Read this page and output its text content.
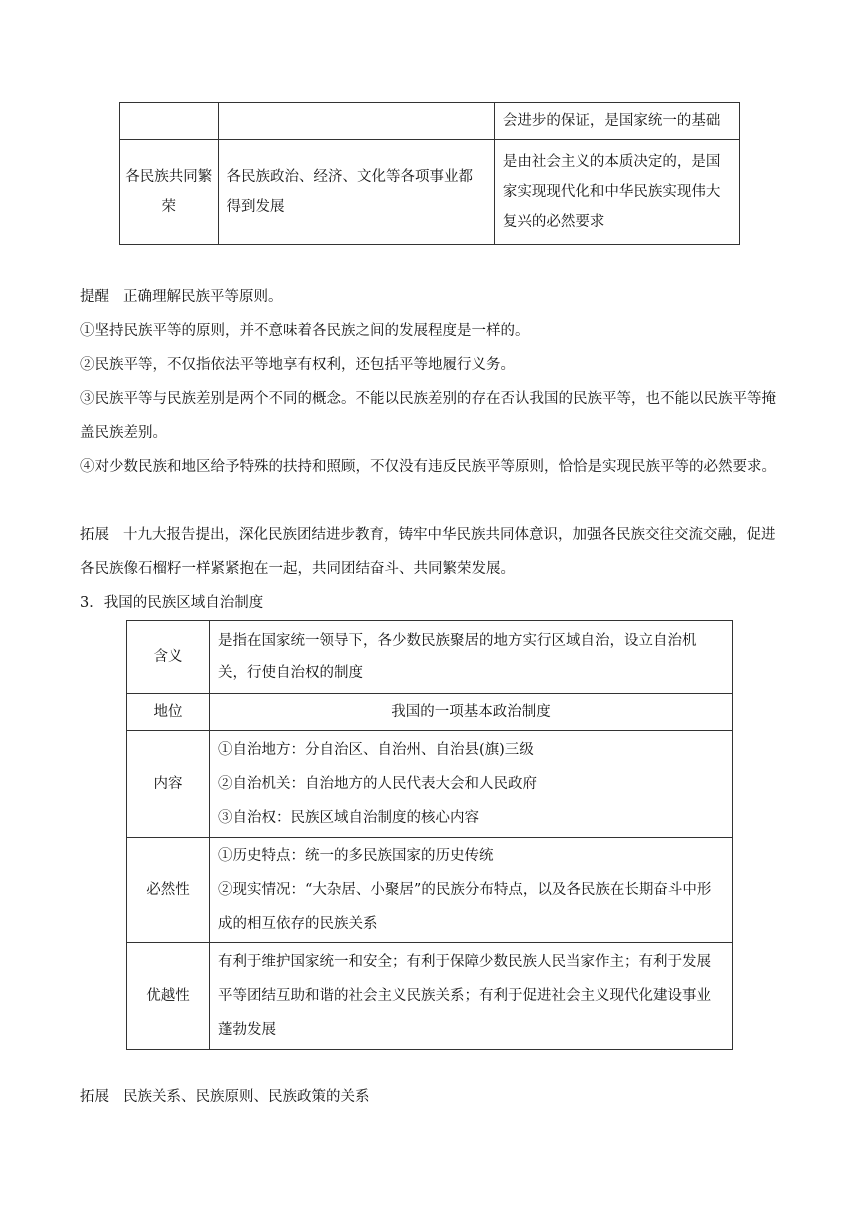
		会进步的保证，是国家统一的基础
各民族共同繁荣	各民族政治、经济、文化等各项事业都得到发展	是由社会主义的本质决定的，是国家实现现代化和中华民族实现伟大复兴的必然要求

提醒 正确理解民族平等原则。

①坚持民族平等的原则，并不意味着各民族之间的发展程度是一样的。

②民族平等，不仅指依法平等地享有权利，还包括平等地履行义务。

③民族平等与民族差别是两个不同的概念。不能以民族差别的存在否认我国的民族平等，也不能以民族平等掩盖民族差别。

④对少数民族和地区给予特殊的扶持和照顾，不仅没有违反民族平等原则，恰恰是实现民族平等的必然要求。

拓展 十九大报告提出，深化民族团结进步教育，铸牢中华民族共同体意识，加强各民族交往交流交融，促进各民族像石榴籽一样紧紧抱在一起，共同团结奋斗、共同繁荣发展。

3．我国的民族区域自治制度

含义	是指在国家统一领导下，各少数民族聚居的地方实行区域自治，设立自治机关，行使自治权的制度
地位	我国的一项基本政治制度
内容	①自治地方：分自治区、自治州、自治县(旗)三级
②自治机关：自治地方的人民代表大会和人民政府
③自治权：民族区域自治制度的核心内容

必然性	①历史特点：统一的多民族国家的历史传统
②现实情况：“大杂居、小聚居”的民族分布特点，以及各民族在长期奋斗中形成的相互依存的民族关系

优越性	有利于维护国家统一和安全；有利于保障少数民族人民当家作主；有利于发展平等团结互助和谐的社会主义民族关系；有利于促进社会主义现代化建设事业蓬勃发展

拓展 民族关系、民族原则、民族政策的关系
